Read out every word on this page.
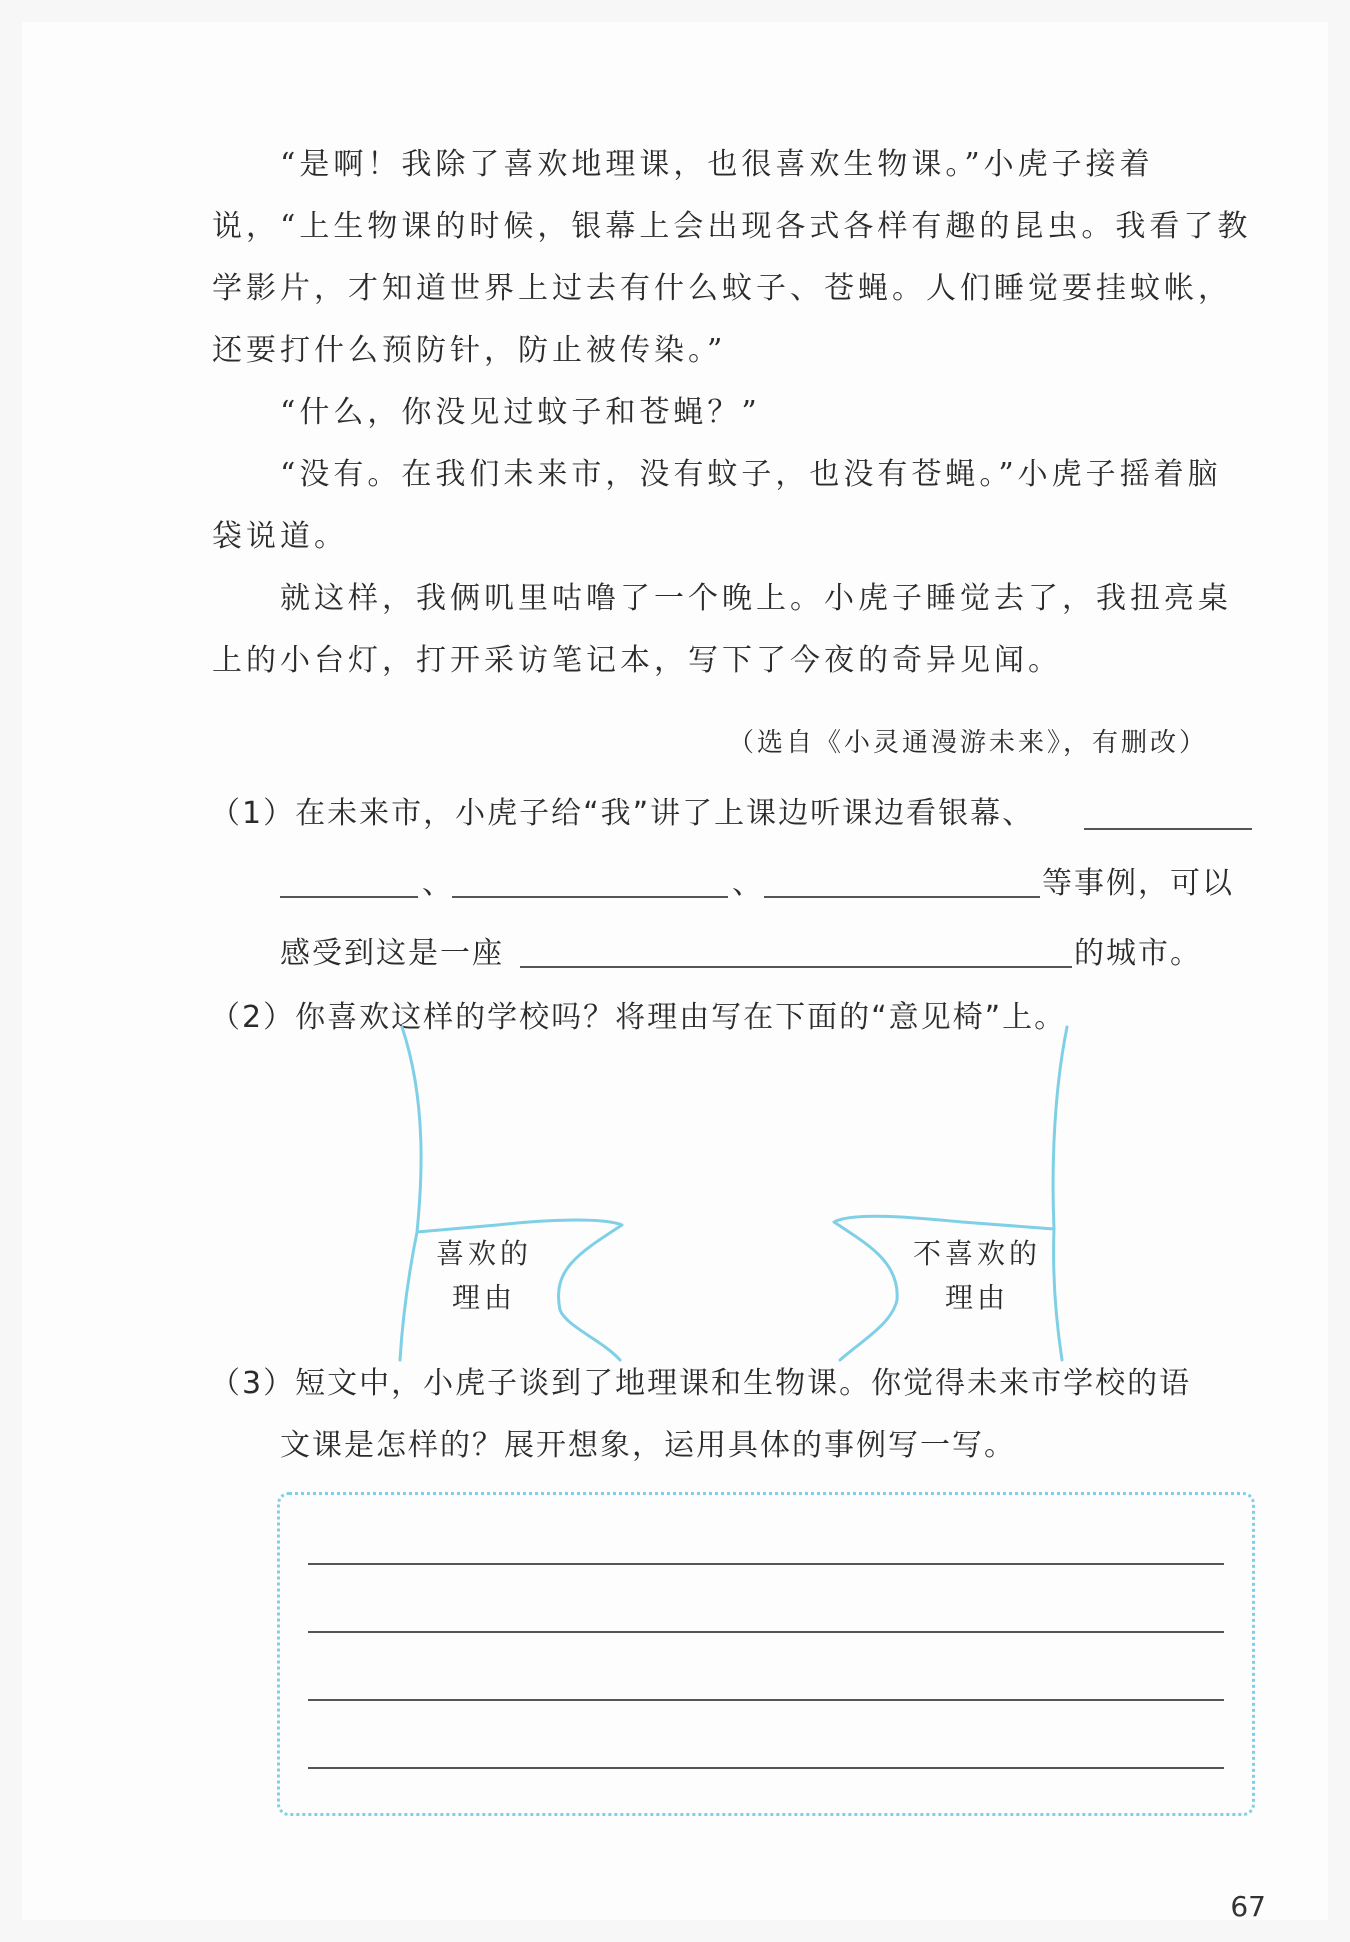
“是啊！我除了喜欢地理课，也很喜欢生物课。”小虎子接着说，“上生物课的时候，银幕上会出现各式各样有趣的昆虫。我看了教学影片，才知道世界上过去有什么蚊子、苍蝇。人们睡觉要挂蚊帐，还要打什么预防针，防止被传染。”

“什么，你没见过蚊子和苍蝇？”

“没有。在我们未来市，没有蚊子，也没有苍蝇。”小虎子摇着脑袋说道。

就这样，我俩叽里咕噜了一个晚上。小虎子睡觉去了，我扭亮桌上的小台灯，打开采访笔记本，写下了今夜的奇异见闻。

（选自《小灵通漫游未来》，有删改）
（1）在未来市，小虎子给“我”讲了上课边听课边看银幕、
、	、	等事例，可以
感受到这是一座	的城市。
（2）你喜欢这样的学校吗？将理由写在下面的“意见椅”上。
喜欢的
理由
不喜欢的
理由
（3）短文中，小虎子谈到了地理课和生物课。你觉得未来市学校的语
文课是怎样的？展开想象，运用具体的事例写一写。
67
